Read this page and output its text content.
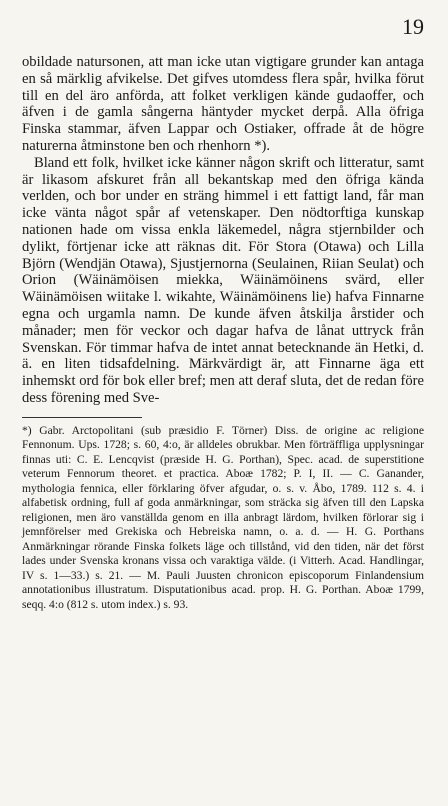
19

obildade natursonen, att man icke utan vigtigare grunder kan antaga en så märklig afvikelse. Det gifves utomdess flera spår, hvilka förut till en del äro anförda, att folket verkligen kände gudaoffer, och äfven i de gamla sångerna häntyder mycket derpå. Alla öfriga Finska stammar, äfven Lappar och Ostiaker, offrade åt de högre naturerna åtminstone ben och rhenhorn *).

Bland ett folk, hvilket icke känner någon skrift och litteratur, samt är likasom afskuret från all bekantskap med den öfriga kända verlden, och bor under en sträng himmel i ett fattigt land, får man icke vänta något spår af vetenskaper. Den nödtorftiga kunskap nationen hade om vissa enkla läkemedel, några stjernbilder och dylikt, förtjenar icke att räknas dit. För Stora (Otawa) och Lilla Björn (Wendjän Otawa), Sjustjernorna (Seulainen, Riian Seulat) och Orion (Wäinämöisen miekka, Wäinämöinens svärd, eller Wäinämöisen wiitake l. wikahte, Wäinämöinens lie) hafva Finnarne egna och urgamla namn. De kunde äfven åtskilja årstider och månader; men för veckor och dagar hafva de lånat uttryck från Svenskan. För timmar hafva de intet annat betecknande än Hetki, d. ä. en liten tidsafdelning. Märkvärdigt är, att Finnarne äga ett inhemskt ord för bok eller bref; men att deraf sluta, det de redan före dess förening med Sve-

*) Gabr. Arctopolitani (sub præsidio F. Törner) Diss. de origine ac religione Fennonum. Ups. 1728; s. 60, 4:o, är alldeles obrukbar. Men förträffliga upplysningar finnas uti: C. E. Lencqvist (præside H. G. Porthan), Spec. acad. de superstitione veterum Fennorum theoret. et practica. Aboæ 1782; P. I, II. — C. Ganander, mythologia fennica, eller förklaring öfver afgudar, o. s. v. Åbo, 1789. 112 s. 4. i alfabetisk ordning, full af goda anmärkningar, som sträcka sig äfven till den Lapska religionen, men äro vanställda genom en illa anbragt lärdom, hvilken förlorar sig i jemnförelser med Grekiska och Hebreiska namn, o. a. d. — H. G. Porthans Anmärkningar rörande Finska folkets läge och tillstånd, vid den tiden, när det först lades under Svenska kronans vissa och varaktiga välde. (i Vitterh. Acad. Handlingar, IV s. 1—33.) s. 21. — M. Pauli Juusten chronicon episcoporum Finlandensium annotationibus illustratum. Disputationibus acad. prop. H. G. Porthan. Aboæ 1799, seqq. 4:o (812 s. utom index.) s. 93.
